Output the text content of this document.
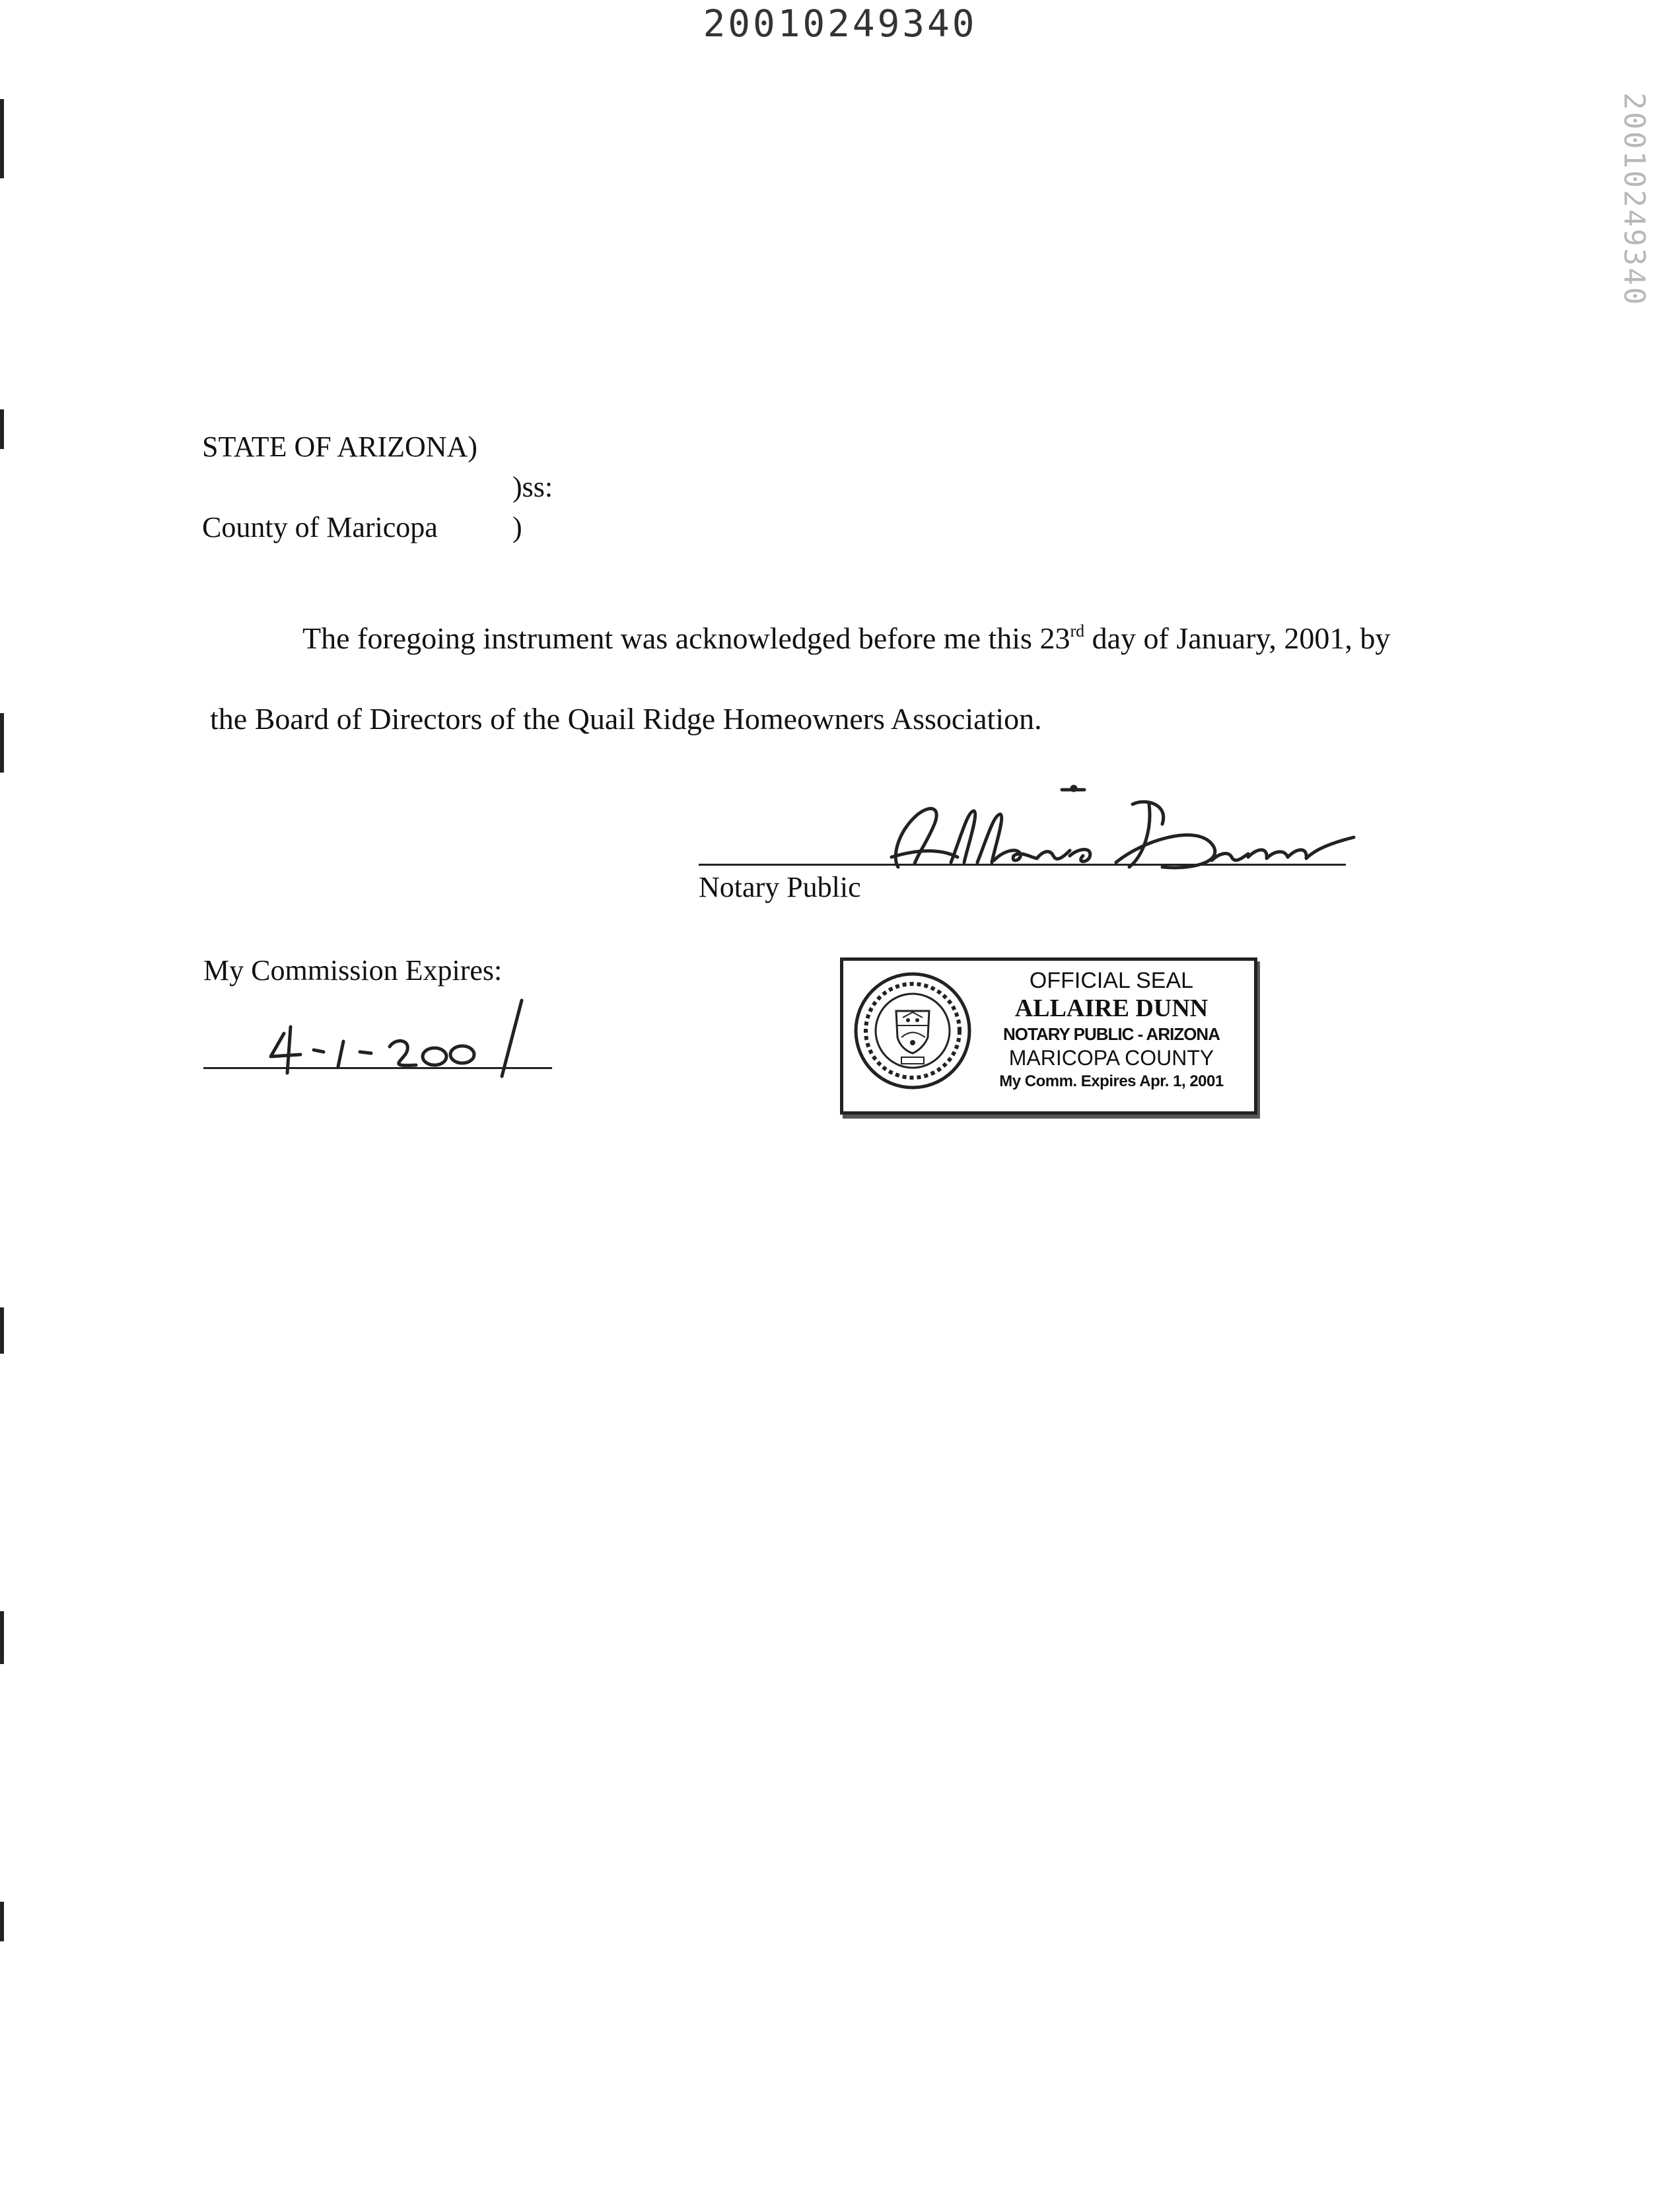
20010249340
20010249340
STATE OF ARIZONA)
)ss:
County of Maricopa	)
The foregoing instrument was acknowledged before me this 23rd day of January, 2001, by
the Board of Directors of the Quail Ridge Homeowners Association.
Notary Public
My Commission Expires:	OFFICIAL SEAL
ALLAIRE DUNN
NOTARY PUBLIC - ARIZONA
MARICOPA COUNTY
My Comm. Expires Apr. 1, 2001
